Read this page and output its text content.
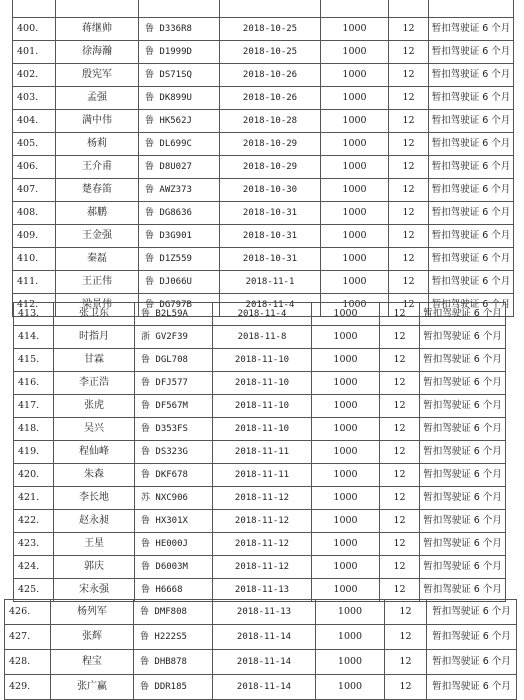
400.	蒋继帅	鲁 D336R8	2018-10-25	1000	12	暂扣驾驶证 6 个月
401.	徐海瀚	鲁 D1999D	2018-10-25	1000	12	暂扣驾驶证 6 个月
402.	殷宪军	鲁 DS71SQ	2018-10-26	1000	12	暂扣驾驶证 6 个月
403.	孟强	鲁 DK899U	2018-10-26	1000	12	暂扣驾驶证 6 个月
404.	满中伟	鲁 HK562J	2018-10-28	1000	12	暂扣驾驶证 6 个月
405.	杨莉	鲁 DL699C	2018-10-29	1000	12	暂扣驾驶证 6 个月
406.	王介甫	鲁 D8U027	2018-10-29	1000	12	暂扣驾驶证 6 个月
407.	楚春笛	鲁 AWZ373	2018-10-30	1000	12	暂扣驾驶证 6 个月
408.	郝鹏	鲁 DG8636	2018-10-31	1000	12	暂扣驾驶证 6 个月
409.	王金强	鲁 D3G901	2018-10-31	1000	12	暂扣驾驶证 6 个月
410.	秦磊	鲁 D1Z559	2018-10-31	1000	12	暂扣驾驶证 6 个月
411.	王正伟	鲁 DJ066U	2018-11-1	1000	12	暂扣驾驶证 6 个月
412.	梁景伟	鲁 DG797B	2018-11-4	1000	12	暂扣驾驶证 6 个月
413.	张卫东	鲁 B2L59A	2018-11-4	1000	12	暂扣驾驶证 6 个月
414.	时指月	浙 GV2F39	2018-11-8	1000	12	暂扣驾驶证 6 个月
415.	甘霖	鲁 DGL708	2018-11-10	1000	12	暂扣驾驶证 6 个月
416.	李正浩	鲁 DFJ577	2018-11-10	1000	12	暂扣驾驶证 6 个月
417.	张虎	鲁 DF567M	2018-11-10	1000	12	暂扣驾驶证 6 个月
418.	吴兴	鲁 D353FS	2018-11-10	1000	12	暂扣驾驶证 6 个月
419.	程仙峰	鲁 DS323G	2018-11-11	1000	12	暂扣驾驶证 6 个月
420.	朱森	鲁 DKF678	2018-11-11	1000	12	暂扣驾驶证 6 个月
421.	李长地	苏 NXC906	2018-11-12	1000	12	暂扣驾驶证 6 个月
422.	赵永昶	鲁 HX301X	2018-11-12	1000	12	暂扣驾驶证 6 个月
423.	王星	鲁 HE000J	2018-11-12	1000	12	暂扣驾驶证 6 个月
424.	郭庆	鲁 D6003M	2018-11-12	1000	12	暂扣驾驶证 6 个月
425.	宋永强	鲁 H6668	2018-11-13	1000	12	暂扣驾驶证 6 个月
426.	杨列军	鲁 DMF808	2018-11-13	1000	12	暂扣驾驶证 6 个月
427.	张辉	鲁 H222S5	2018-11-14	1000	12	暂扣驾驶证 6 个月
428.	程宝	鲁 DHB878	2018-11-14	1000	12	暂扣驾驶证 6 个月
429.	张广赢	鲁 DDR185	2018-11-14	1000	12	暂扣驾驶证 6 个月
